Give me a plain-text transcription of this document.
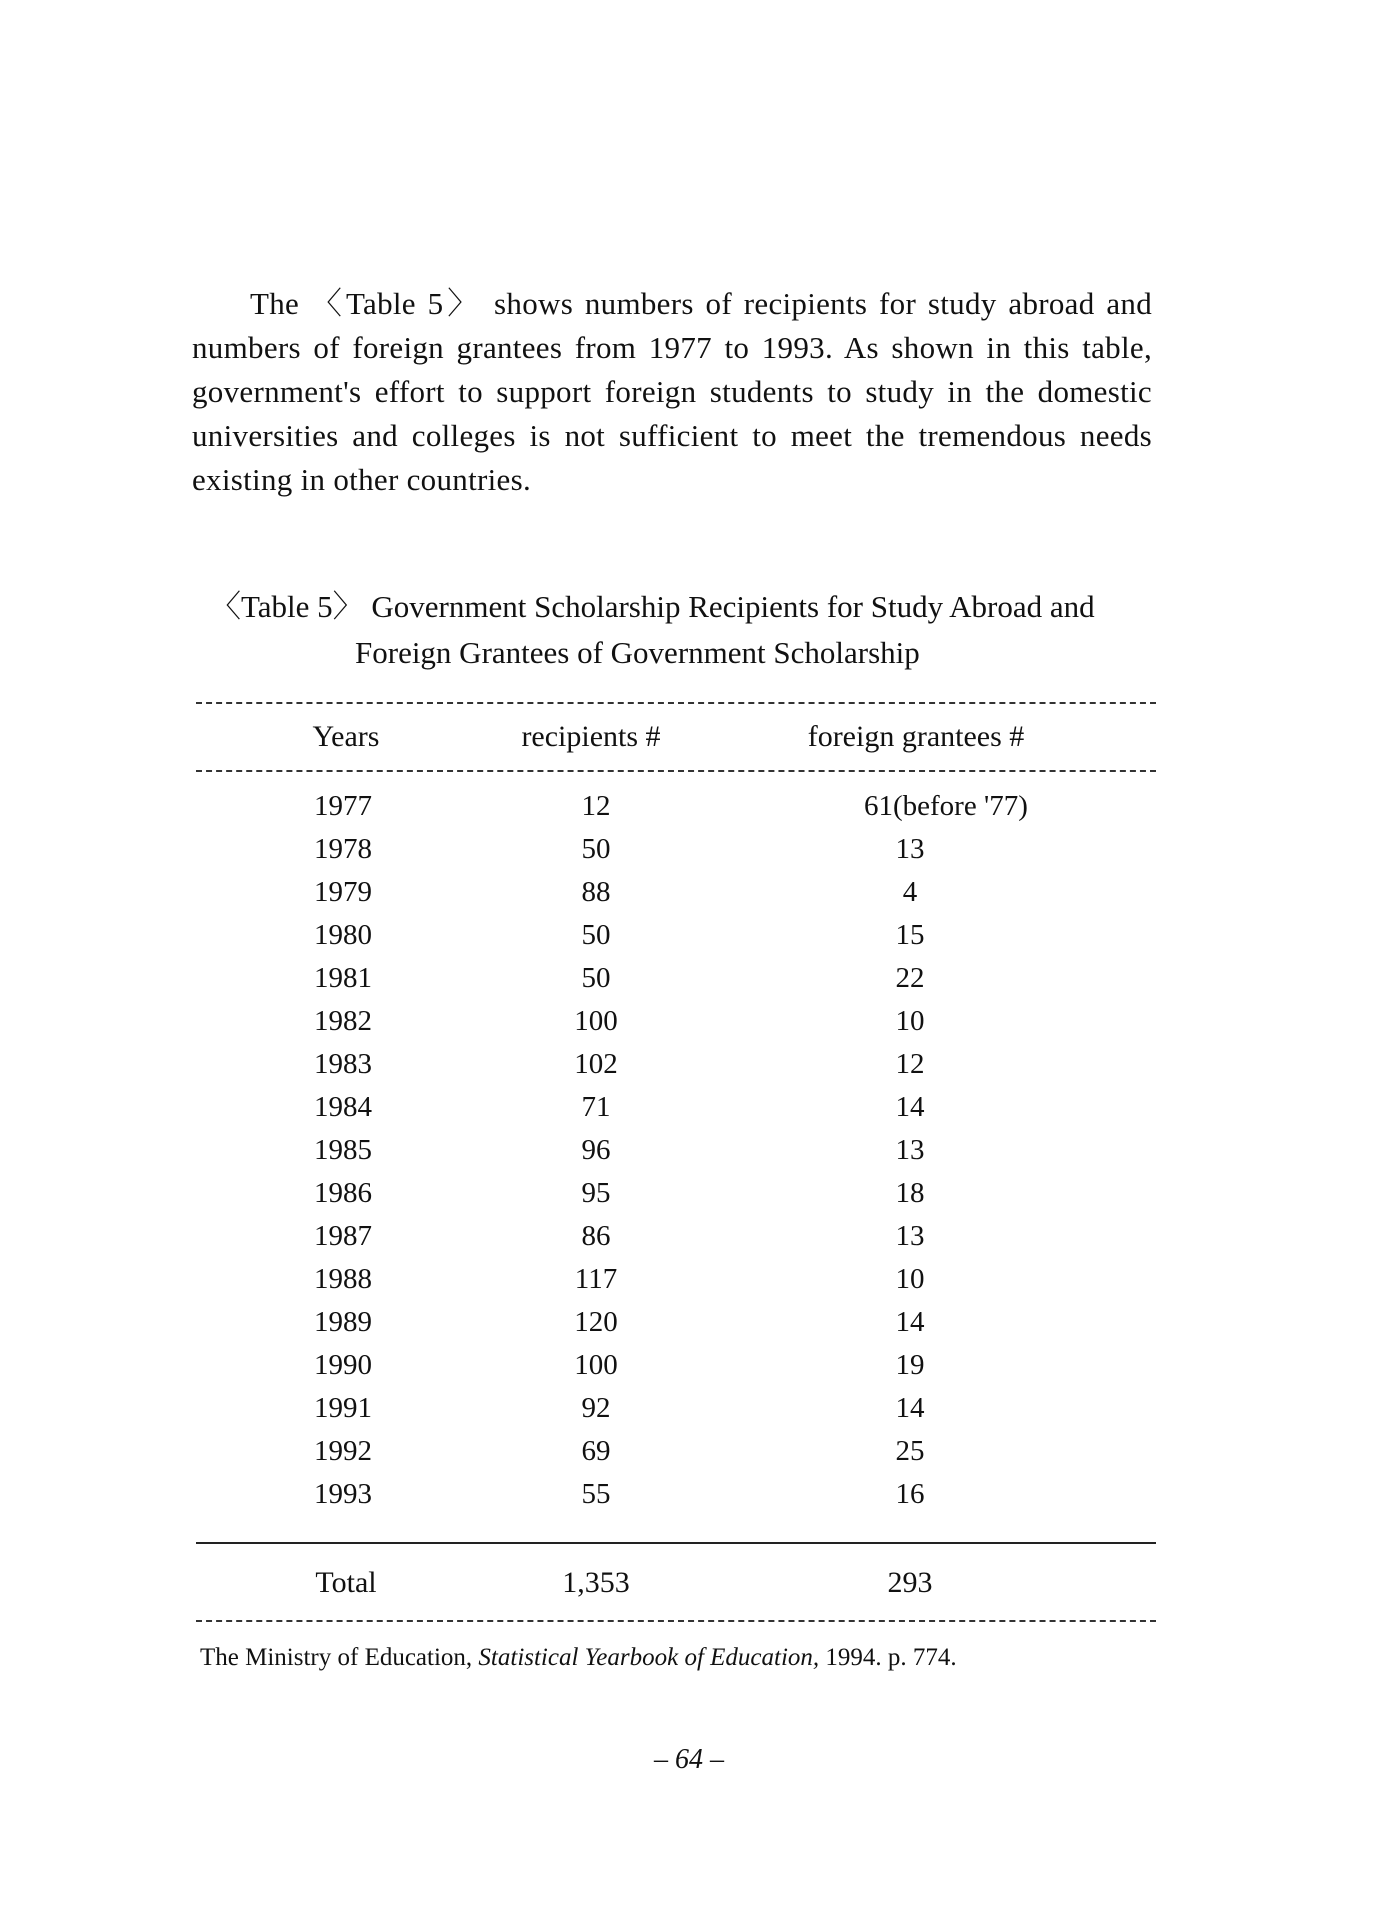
The 〈Table 5〉 shows numbers of recipients for study abroad and numbers of foreign grantees from 1977 to 1993. As shown in this table, government's effort to support foreign students to study in the domestic universities and colleges is not sufficient to meet the tremendous needs existing in other countries.

〈Table 5〉 Government Scholarship Recipients for Study Abroad and
Foreign Grantees of Government Scholarship

Years	recipients #	foreign grantees #
1977	12	61(before '77)
1978	50	13
1979	88	4
1980	50	15
1981	50	22
1982	100	10
1983	102	12
1984	71	14
1985	96	13
1986	95	18
1987	86	13
1988	117	10
1989	120	14
1990	100	19
1991	92	14
1992	69	25
1993	55	16
Total	1,353	293

The Ministry of Education, Statistical Yearbook of Education, 1994. p. 774.

– 64 –
